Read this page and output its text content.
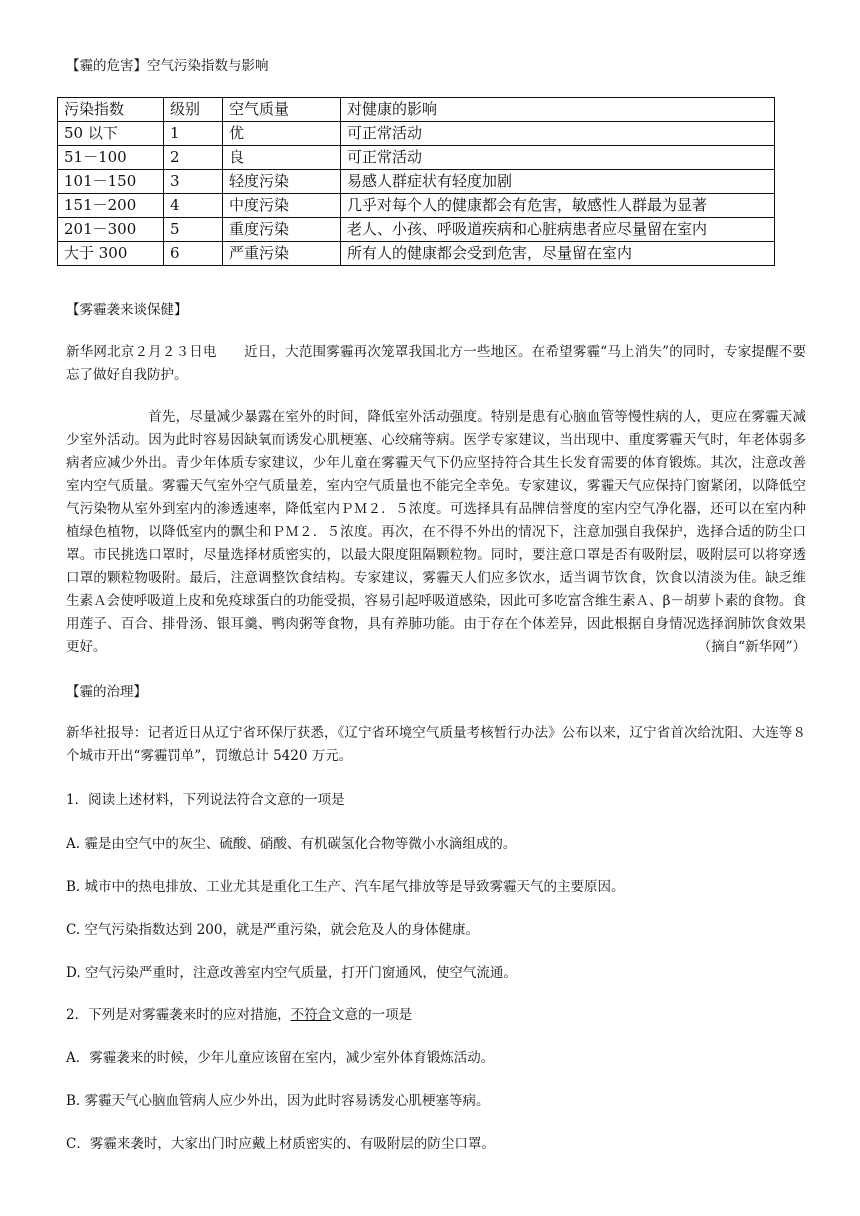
【霾的危害】空气污染指数与影响
污染指数	级别	空气质量	对健康的影响
50 以下	1	优	可正常活动
51－100	2	良	可正常活动
101－150	3	轻度污染	易感人群症状有轻度加剧
151－200	4	中度污染	几乎对每个人的健康都会有危害，敏感性人群最为显著
201－300	5	重度污染	老人、小孩、呼吸道疾病和心脏病患者应尽量留在室内
大于 300	6	严重污染	所有人的健康都会受到危害，尽量留在室内
【雾霾袭来谈保健】
新华网北京２月２３日电　　近日，大范围雾霾再次笼罩我国北方一些地区。在希望雾霾“马上消失”的同时，专家提醒不要忘了做好自我防护。
首先，尽量减少暴露在室外的时间，降低室外活动强度。特别是患有心脑血管等慢性病的人，更应在雾霾天减少室外活动。因为此时容易因缺氧而诱发心肌梗塞、心绞痛等病。医学专家建议，当出现中、重度雾霾天气时，年老体弱多病者应减少外出。青少年体质专家建议，少年儿童在雾霾天气下仍应坚持符合其生长发育需要的体育锻炼。其次，注意改善室内空气质量。雾霾天气室外空气质量差，室内空气质量也不能完全幸免。专家建议，雾霾天气应保持门窗紧闭，以降低空气污染物从室外到室内的渗透速率，降低室内ＰＭ２．５浓度。可选择具有品牌信誉度的室内空气净化器，还可以在室内种植绿色植物，以降低室内的飘尘和ＰＭ２．５浓度。再次，在不得不外出的情况下，注意加强自我保护，选择合适的防尘口罩。市民挑选口罩时，尽量选择材质密实的，以最大限度阻隔颗粒物。同时，要注意口罩是否有吸附层，吸附层可以将穿透口罩的颗粒物吸附。最后，注意调整饮食结构。专家建议，雾霾天人们应多饮水，适当调节饮食，饮食以清淡为佳。缺乏维生素Ａ会使呼吸道上皮和免疫球蛋白的功能受损，容易引起呼吸道感染，因此可多吃富含维生素Ａ、β－胡萝卜素的食物。食用莲子、百合、排骨汤、银耳羹、鸭肉粥等食物，具有养肺功能。由于存在个体差异，因此根据自身情况选择润肺饮食效果更好。	（摘自“新华网”）
【霾的治理】
新华社报导：记者近日从辽宁省环保厅获悉，《辽宁省环境空气质量考核暂行办法》公布以来，辽宁省首次给沈阳、大连等８个城市开出“雾霾罚单”，罚缴总计 5420 万元。
1．阅读上述材料，下列说法符合文意的一项是
A. 霾是由空气中的灰尘、硫酸、硝酸、有机碳氢化合物等微小水滴组成的。
B. 城市中的热电排放、工业尤其是重化工生产、汽车尾气排放等是导致雾霾天气的主要原因。
C. 空气污染指数达到 200，就是严重污染，就会危及人的身体健康。
D. 空气污染严重时，注意改善室内空气质量，打开门窗通风，使空气流通。
2．下列是对雾霾袭来时的应对措施，不符合文意的一项是
A．雾霾袭来的时候，少年儿童应该留在室内，减少室外体育锻炼活动。
B. 雾霾天气心脑血管病人应少外出，因为此时容易诱发心肌梗塞等病。
C．雾霾来袭时，大家出门时应戴上材质密实的、有吸附层的防尘口罩。
